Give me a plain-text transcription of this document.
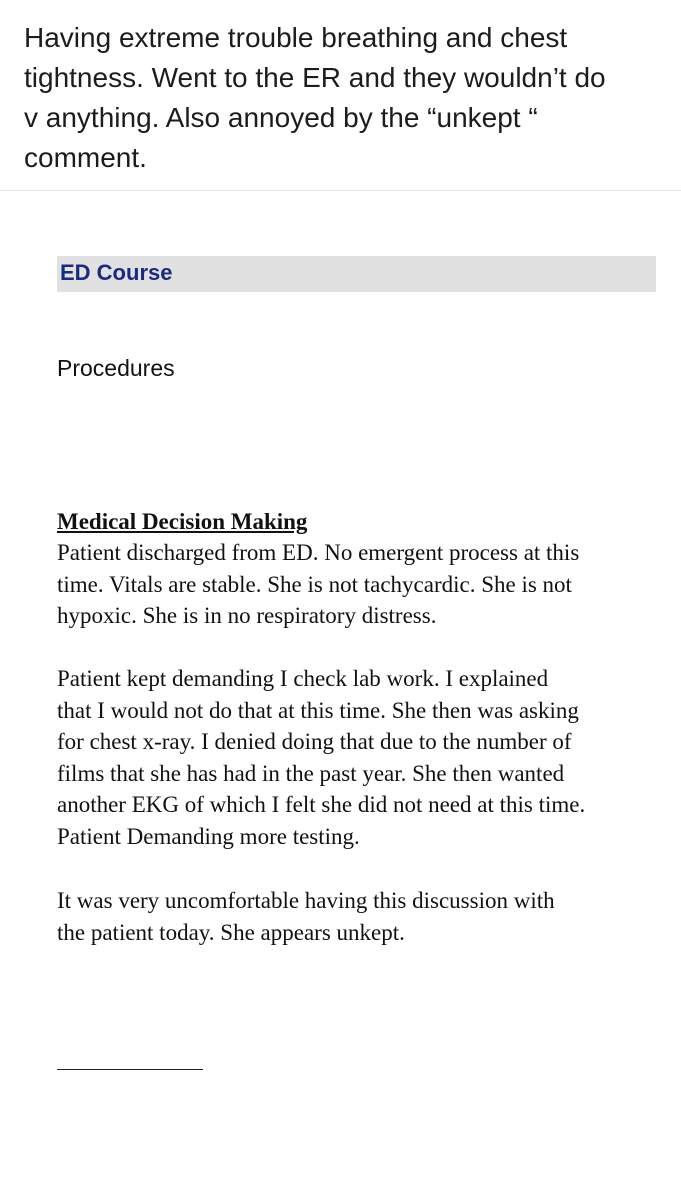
Having extreme trouble breathing and chest
tightness. Went to the ER and they wouldn’t do
v anything. Also annoyed by the “unkept “
comment.
ED Course
Procedures
Medical Decision Making
Patient discharged from ED. No emergent process at this
time. Vitals are stable. She is not tachycardic. She is not
hypoxic. She is in no respiratory distress.
Patient kept demanding I check lab work. I explained
that I would not do that at this time. She then was asking
for chest x-ray. I denied doing that due to the number of
films that she has had in the past year. She then wanted
another EKG of which I felt she did not need at this time.
Patient Demanding more testing.
It was very uncomfortable having this discussion with
the patient today. She appears unkept.
